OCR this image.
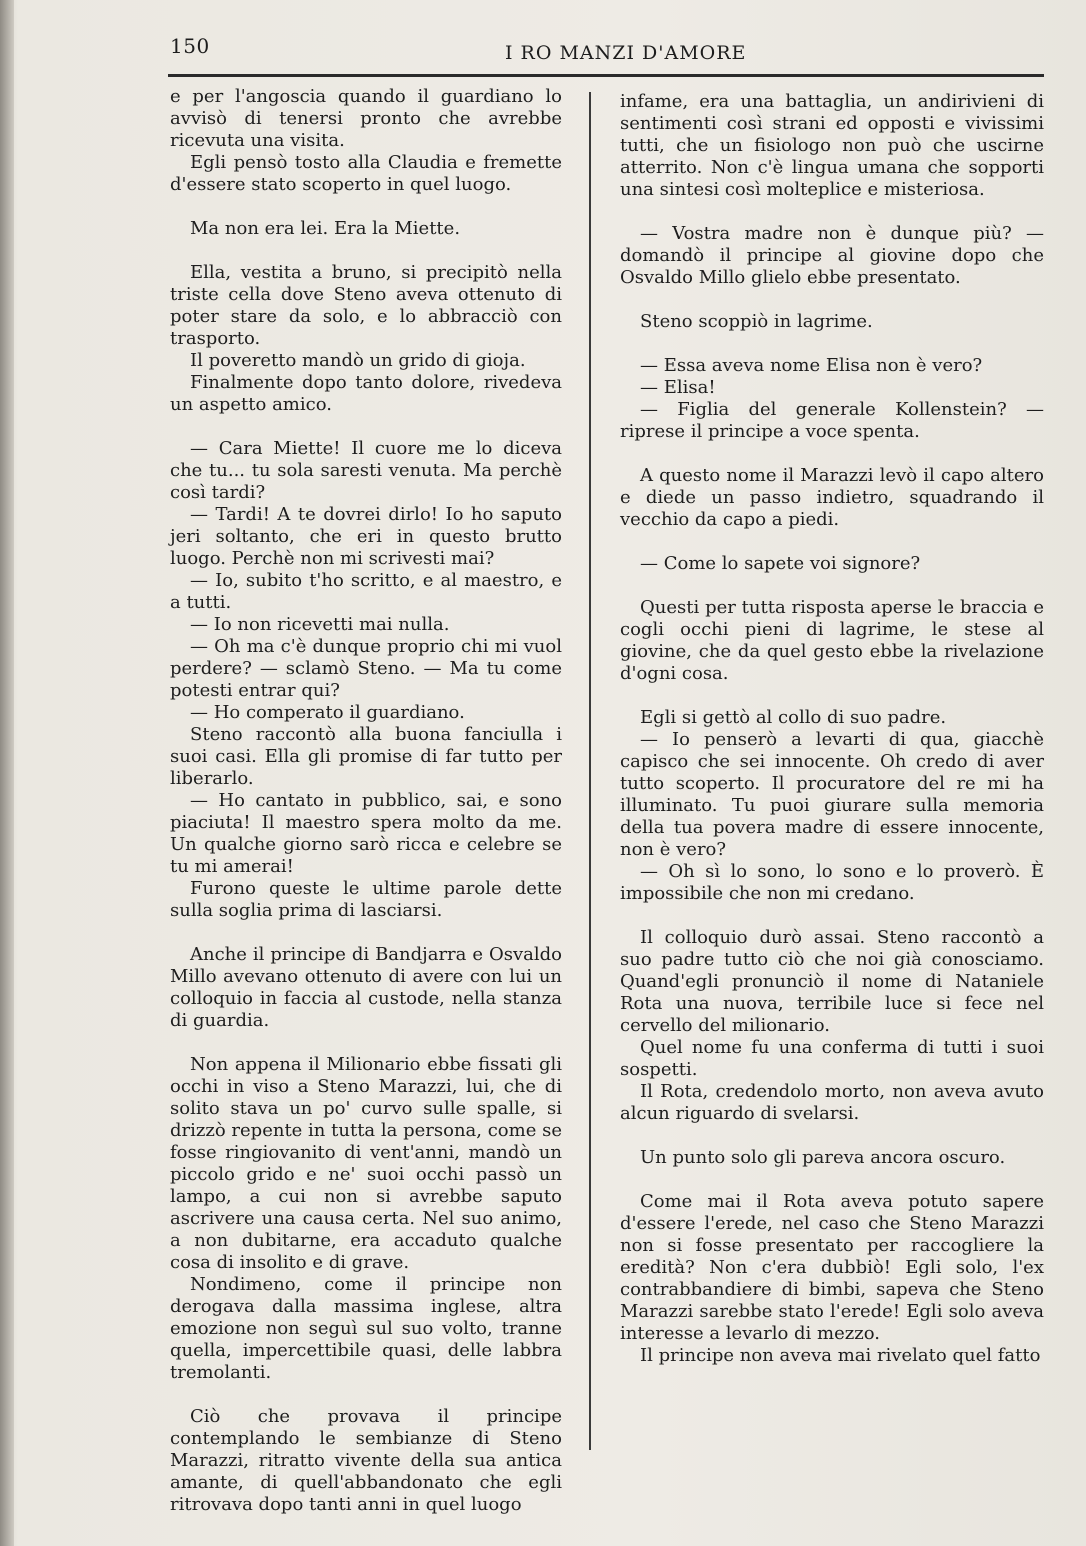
150	I RO MANZI D'AMORE

e per l'angoscia quando il guardiano lo avvisò di tenersi pronto che avrebbe ricevuta una visita.

Egli pensò tosto alla Claudia e fremette d'essere stato scoperto in quel luogo.

Ma non era lei. Era la Miette.

Ella, vestita a bruno, si precipitò nella triste cella dove Steno aveva ottenuto di poter stare da solo, e lo abbracciò con trasporto.

Il poveretto mandò un grido di gioja.

Finalmente dopo tanto dolore, rivedeva un aspetto amico.

— Cara Miette! Il cuore me lo diceva che tu... tu sola saresti venuta. Ma perchè così tardi?

— Tardi! A te dovrei dirlo! Io ho saputo jeri soltanto, che eri in questo brutto luogo. Perchè non mi scrivesti mai?

— Io, subito t'ho scritto, e al maestro, e a tutti.

— Io non ricevetti mai nulla.

— Oh ma c'è dunque proprio chi mi vuol perdere? — sclamò Steno. — Ma tu come potesti entrar qui?

— Ho comperato il guardiano.

Steno raccontò alla buona fanciulla i suoi casi. Ella gli promise di far tutto per liberarlo.

— Ho cantato in pubblico, sai, e sono piaciuta! Il maestro spera molto da me. Un qualche giorno sarò ricca e celebre se tu mi amerai!

Furono queste le ultime parole dette sulla soglia prima di lasciarsi.

Anche il principe di Bandjarra e Osvaldo Millo avevano ottenuto di avere con lui un colloquio in faccia al custode, nella stanza di guardia.

Non appena il Milionario ebbe fissati gli occhi in viso a Steno Marazzi, lui, che di solito stava un po' curvo sulle spalle, si drizzò repente in tutta la persona, come se fosse ringiovanito di vent'anni, mandò un piccolo grido e ne' suoi occhi passò un lampo, a cui non si avrebbe saputo ascrivere una causa certa. Nel suo animo, a non dubitarne, era accaduto qualche cosa di insolito e di grave.

Nondimeno, come il principe non derogava dalla massima inglese, altra emozione non seguì sul suo volto, tranne quella, impercettibile quasi, delle labbra tremolanti.

Ciò che provava il principe contemplando le sembianze di Steno Marazzi, ritratto vivente della sua antica amante, di quell'abbandonato che egli ritrovava dopo tanti anni in quel luogo

infame, era una battaglia, un andirivieni di sentimenti così strani ed opposti e vivissimi tutti, che un fisiologo non può che uscirne atterrito. Non c'è lingua umana che sopporti una sintesi così molteplice e misteriosa.

— Vostra madre non è dunque più? — domandò il principe al giovine dopo che Osvaldo Millo glielo ebbe presentato.

Steno scoppiò in lagrime.

— Essa aveva nome Elisa non è vero?

— Elisa!

— Figlia del generale Kollenstein? — riprese il principe a voce spenta.

A questo nome il Marazzi levò il capo altero e diede un passo indietro, squadrando il vecchio da capo a piedi.

— Come lo sapete voi signore?

Questi per tutta risposta aperse le braccia e cogli occhi pieni di lagrime, le stese al giovine, che da quel gesto ebbe la rivelazione d'ogni cosa.

Egli si gettò al collo di suo padre.

— Io penserò a levarti di qua, giacchè capisco che sei innocente. Oh credo di aver tutto scoperto. Il procuratore del re mi ha illuminato. Tu puoi giurare sulla memoria della tua povera madre di essere innocente, non è vero?

— Oh sì lo sono, lo sono e lo proverò. È impossibile che non mi credano.

Il colloquio durò assai. Steno raccontò a suo padre tutto ciò che noi già conosciamo. Quand'egli pronunciò il nome di Nataniele Rota una nuova, terribile luce si fece nel cervello del milionario.

Quel nome fu una conferma di tutti i suoi sospetti.

Il Rota, credendolo morto, non aveva avuto alcun riguardo di svelarsi.

Un punto solo gli pareva ancora oscuro.

Come mai il Rota aveva potuto sapere d'essere l'erede, nel caso che Steno Marazzi non si fosse presentato per raccogliere la eredità? Non c'era dubbiò! Egli solo, l'ex contrabbandiere di bimbi, sapeva che Steno Marazzi sarebbe stato l'erede! Egli solo aveva interesse a levarlo di mezzo.

Il principe non aveva mai rivelato quel fatto
